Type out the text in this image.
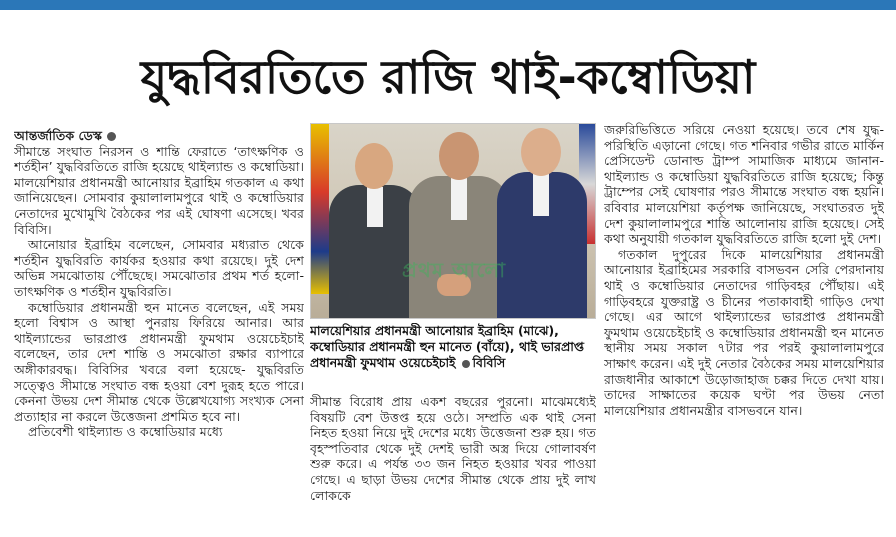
যুদ্ধবিরতিতে রাজি থাই-কম্বোডিয়া

আন্তর্জাতিক ডেস্ক

সীমান্তে সংঘাত নিরসন ও শান্তি ফেরাতে ‘তাৎক্ষণিক ও শর্তহীন’ যুদ্ধবিরতিতে রাজি হয়েছে থাইল্যান্ড ও কম্বোডিয়া। মালয়েশিয়ার প্রধানমন্ত্রী আনোয়ার ইব্রাহিম গতকাল এ কথা জানিয়েছেন। সোমবার কুয়ালালামপুরে থাই ও কম্বোডিয়ার নেতাদের মুখোমুখি বৈঠকের পর এই ঘোষণা এসেছে। খবর বিবিসি।

আনোয়ার ইব্রাহিম বলেছেন, সোমবার মধ্যরাত থেকে শর্তহীন যুদ্ধবিরতি কার্যকর হওয়ার কথা রয়েছে। দুই দেশ অভিন্ন সমঝোতায় পৌঁছেছে। সমঝোতার প্রথম শর্ত হলো- তাৎক্ষণিক ও শর্তহীন যুদ্ধবিরতি।

কম্বোডিয়ার প্রধানমন্ত্রী হুন মানেত বলেছেন, এই সময় হলো বিশ্বাস ও আস্থা পুনরায় ফিরিয়ে আনার। আর থাইল্যান্ডের ভারপ্রাপ্ত প্রধানমন্ত্রী ফুমথাম ওয়েচেইচাই বলেছেন, তার দেশ শান্তি ও সমঝোতা রক্ষার ব্যাপারে অঙ্গীকারবদ্ধ। বিবিসির খবরে বলা হয়েছে- যুদ্ধবিরতি সত্ত্বেও সীমান্তে সংঘাত বন্ধ হওয়া বেশ দুরূহ হতে পারে। কেননা উভয় দেশ সীমান্ত থেকে উল্লেখযোগ্য সংখ্যক সেনা প্রত্যাহার না করলে উত্তেজনা প্রশমিত হবে না।

প্রতিবেশী থাইল্যান্ড ও কম্বোডিয়ার মধ্যে

প্রথম আলো
মালয়েশিয়ার প্রধানমন্ত্রী আনোয়ার ইব্রাহিম (মাঝে), কম্বোডিয়ার প্রধানমন্ত্রী হুন মানেত (বাঁয়ে), থাই ভারপ্রাপ্ত প্রধানমন্ত্রী ফুমথাম ওয়েচেইচাই বিবিসি

সীমান্ত বিরোধ প্রায় একশ বছরের পুরনো। মাঝেমধ্যেই বিষয়টি বেশ উত্তপ্ত হয়ে ওঠে। সম্প্রতি এক থাই সেনা নিহত হওয়া নিয়ে দুই দেশের মধ্যে উত্তেজনা শুরু হয়। গত বৃহস্পতিবার থেকে দুই দেশই ভারী অস্ত্র দিয়ে গোলাবর্ষণ শুরু করে। এ পর্যন্ত ৩৩ জন নিহত হওয়ার খবর পাওয়া গেছে। এ ছাড়া উভয় দেশের সীমান্ত থেকে প্রায় দুই লাখ লোককে

জরুরিভিত্তিতে সরিয়ে নেওয়া হয়েছে। তবে শেষ যুদ্ধ-পরিস্থিতি এড়ানো গেছে। গত শনিবার গভীর রাতে মার্কিন প্রেসিডেন্ট ডোনাল্ড ট্রাম্প সামাজিক মাধ্যমে জানান- থাইল্যান্ড ও কম্বোডিয়া যুদ্ধবিরতিতে রাজি হয়েছে; কিন্তু ট্রাম্পের সেই ঘোষণার পরও সীমান্তে সংঘাত বন্ধ হয়নি। রবিবার মালয়েশিয়া কর্তৃপক্ষ জানিয়েছে, সংঘাতরত দুই দেশ কুয়ালালামপুরে শান্তি আলোনায় রাজি হয়েছে। সেই কথা অনুযায়ী গতকাল যুদ্ধবিরতিতে রাজি হলো দুই দেশ।

গতকাল দুপুরের দিকে মালয়েশিয়ার প্রধানমন্ত্রী আনোয়ার ইব্রাহিমের সরকারি বাসভবন সেরি পেরদানায় থাই ও কম্বোডিয়ার নেতাদের গাড়িবহর পৌঁছায়। এই গাড়িবহরে যুক্তরাষ্ট্র ও চীনের পতাকাবাহী গাড়িও দেখা গেছে। এর আগে থাইল্যান্ডের ভারপ্রাপ্ত প্রধানমন্ত্রী ফুমথাম ওয়েচেইচাই ও কম্বোডিয়ার প্রধানমন্ত্রী হুন মানেত স্থানীয় সময় সকাল ৭টার পর পরই কুয়ালালামপুরে সাক্ষাৎ করেন। এই দুই নেতার বৈঠকের সময় মালয়েশিয়ার রাজধানীর আকাশে উড়োজাহাজ চক্কর দিতে দেখা যায়। তাদের সাক্ষাতের কয়েক ঘণ্টা পর উভয় নেতা মালয়েশিয়ার প্রধানমন্ত্রীর বাসভবনে যান।
